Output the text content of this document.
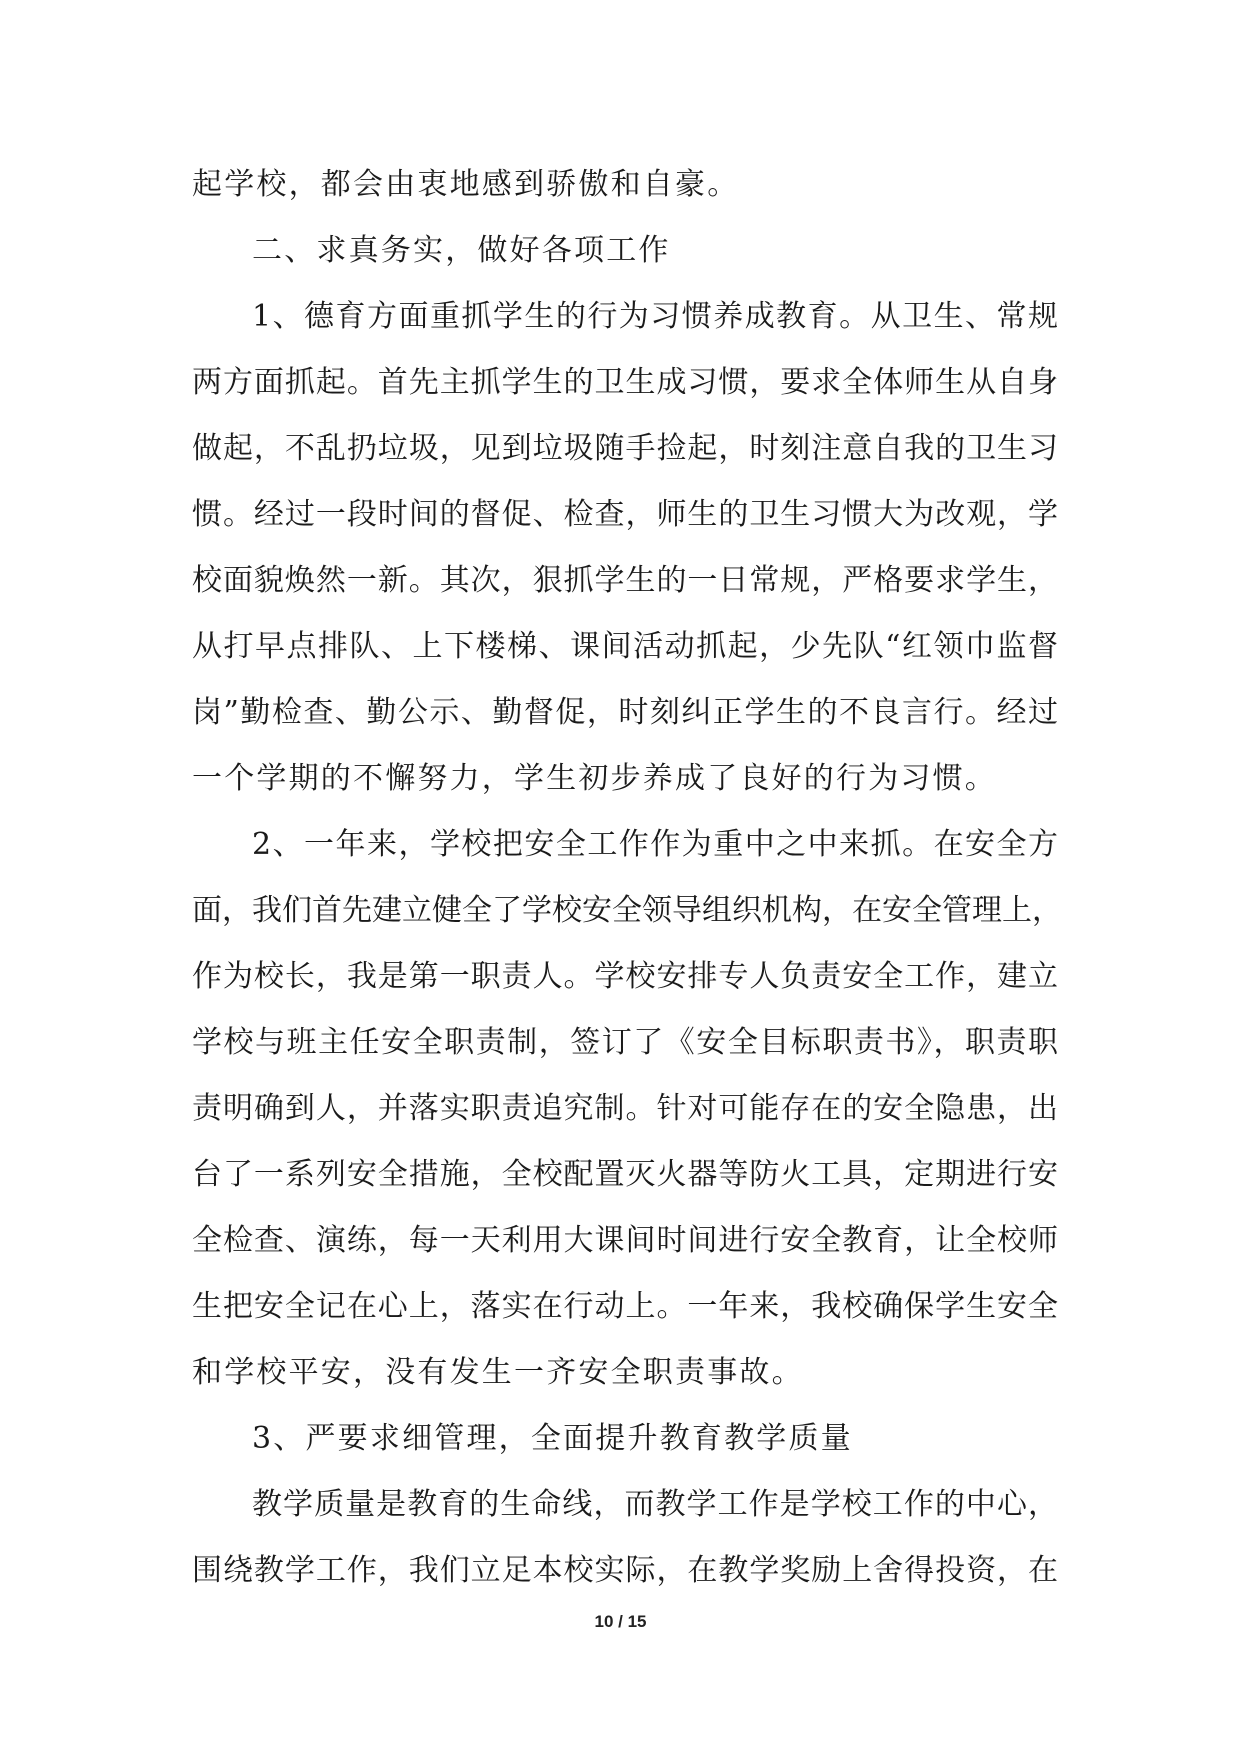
起学校，都会由衷地感到骄傲和自豪。
二、求真务实，做好各项工作
1、德育方面重抓学生的行为习惯养成教育。从卫生、常规
两方面抓起。首先主抓学生的卫生成习惯，要求全体师生从自身
做起，不乱扔垃圾，见到垃圾随手捡起，时刻注意自我的卫生习
惯。经过一段时间的督促、检查，师生的卫生习惯大为改观，学
校面貌焕然一新。其次，狠抓学生的一日常规，严格要求学生，
从打早点排队、上下楼梯、课间活动抓起，少先队“红领巾监督
岗”勤检查、勤公示、勤督促，时刻纠正学生的不良言行。经过
一个学期的不懈努力，学生初步养成了良好的行为习惯。
2、一年来，学校把安全工作作为重中之中来抓。在安全方
面，我们首先建立健全了学校安全领导组织机构，在安全管理上，
作为校长，我是第一职责人。学校安排专人负责安全工作，建立
学校与班主任安全职责制，签订了《安全目标职责书》，职责职
责明确到人，并落实职责追究制。针对可能存在的安全隐患，出
台了一系列安全措施，全校配置灭火器等防火工具，定期进行安
全检查、演练，每一天利用大课间时间进行安全教育，让全校师
生把安全记在心上，落实在行动上。一年来，我校确保学生安全
和学校平安，没有发生一齐安全职责事故。
3、严要求细管理，全面提升教育教学质量
教学质量是教育的生命线，而教学工作是学校工作的中心，
围绕教学工作，我们立足本校实际，在教学奖励上舍得投资，在
10 / 15
